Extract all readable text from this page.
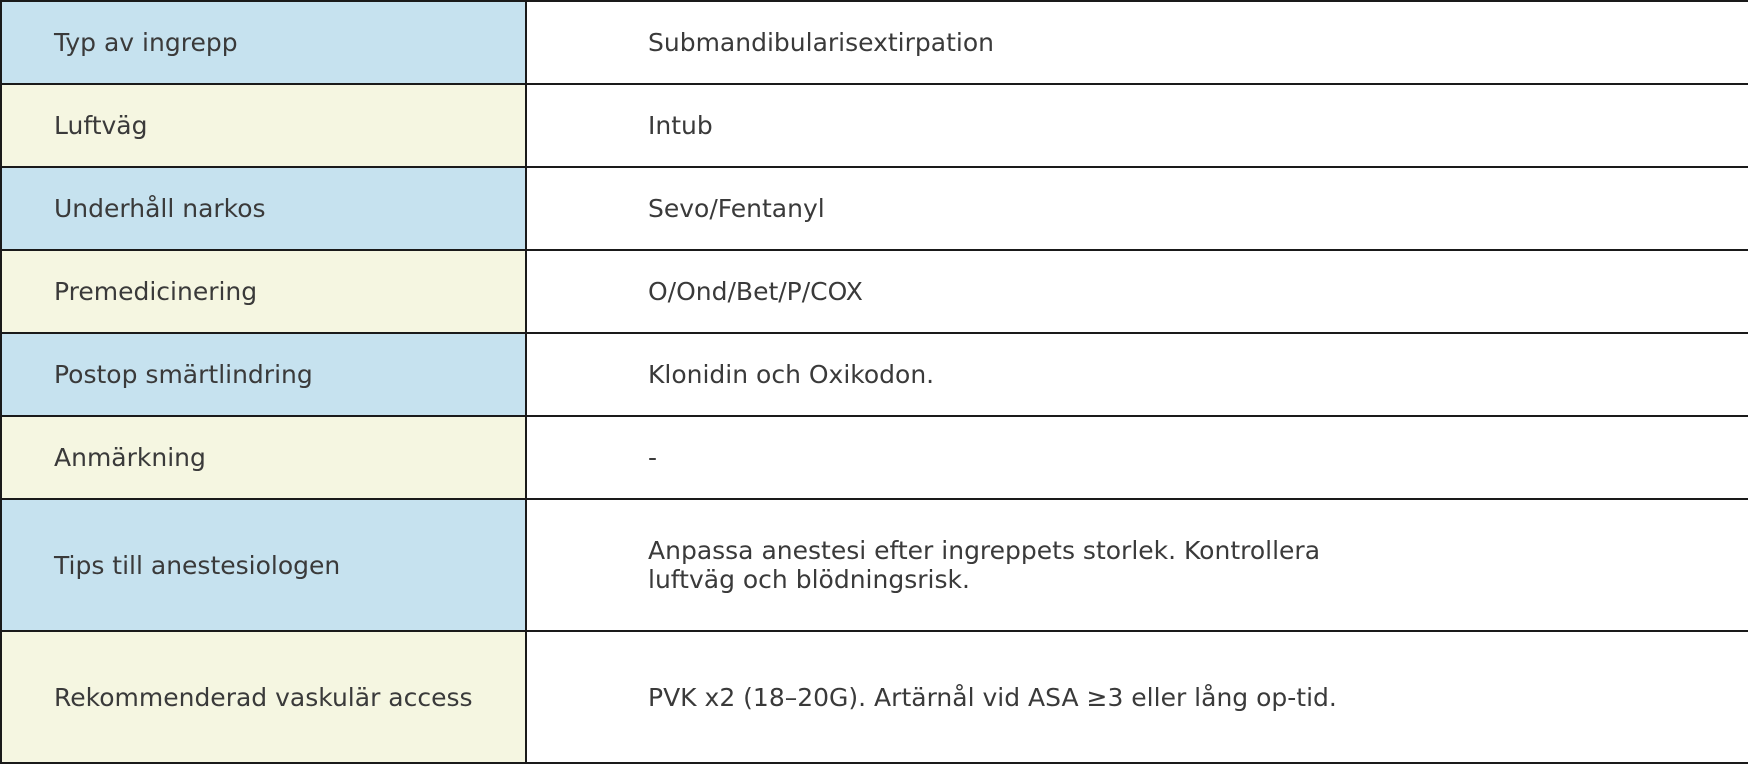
Typ av ingrepp	Submandibularisextirpation
Luftväg	Intub
Underhåll narkos	Sevo/Fentanyl
Premedicinering	O/Ond/Bet/P/COX
Postop smärtlindring	Klonidin och Oxikodon.
Anmärkning	-
Tips till anestesiologen	Anpassa anestesi efter ingreppets storlek. Kontrollera luftväg och blödningsrisk.
Rekommenderad vaskulär access	PVK x2 (18–20G). Artärnål vid ASA ≥3 eller lång op-tid.
